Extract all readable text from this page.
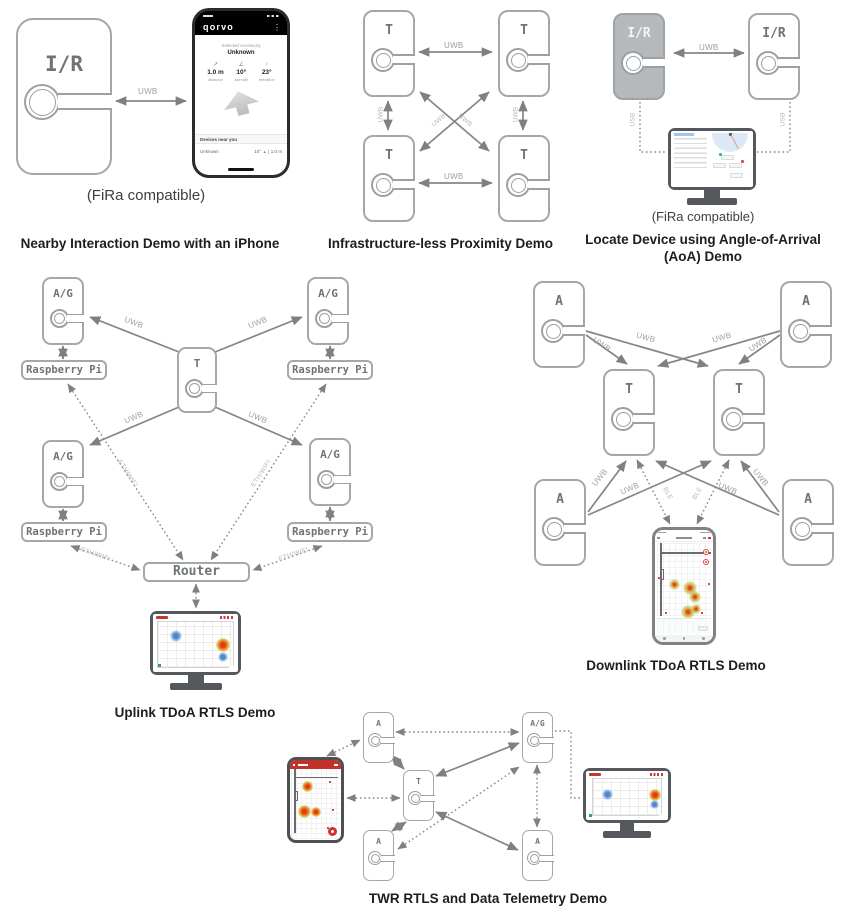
I/R
UWB
qorvo	⋮
Selected Accessory
Unknown
↗
1.0 m
distance
∠
10°
azimuth
↑
23°
elevation
Devices near you
Unknown	10° ▲ | 1.0 m
(FiRa compatible)
Nearby Interaction Demo with an iPhone
T	T
T	T
UWB
UWB
UWB	UWB
UWB UWB
Infrastructure-less Proximity Demo
I/R	I/R
UWB
USB	USB
(FiRa compatible)
Locate Device using Angle-of-Arrival
(AoA) Demo
A/G	A/G
A/G	A/G
T
Raspberry Pi	Raspberry Pi
Raspberry Pi	Raspberry Pi
Router
UWB	UWB
UWB	UWB
ETH/WIFI	ETH/WIFI
ETH/WIFI	ETH/WIFI
Uplink TDoA RTLS Demo
A	A
T	T
A	A
UWB
UWB	UWB UWB
UWB
UWB
UWB
UWB
BLE	BLE
Downlink TDoA RTLS Demo
A	A/G
T
A	A
TWR RTLS and Data Telemetry Demo
